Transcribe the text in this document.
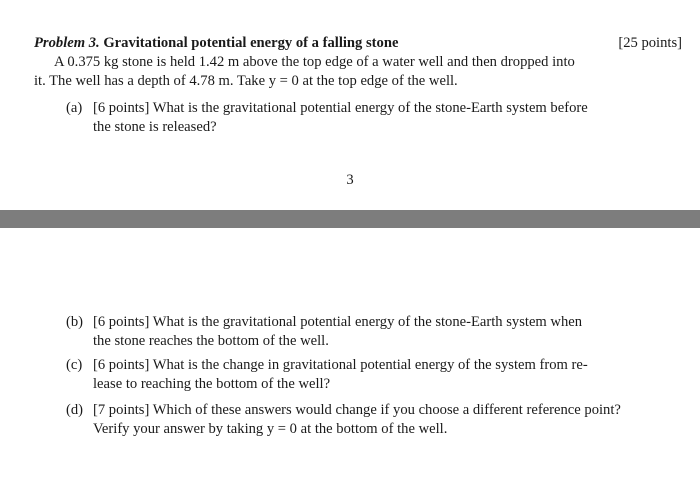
Problem 3. Gravitational potential energy of a falling stone	[25 points]
A 0.375 kg stone is held 1.42 m above the top edge of a water well and then dropped into
it. The well has a depth of 4.78 m. Take y = 0 at the top edge of the well.
(a) [6 points] What is the gravitational potential energy of the stone-Earth system before
the stone is released?
3
(b) [6 points] What is the gravitational potential energy of the stone-Earth system when
the stone reaches the bottom of the well.
(c) [6 points] What is the change in gravitational potential energy of the system from re-
lease to reaching the bottom of the well?
(d) [7 points] Which of these answers would change if you choose a different reference point?
Verify your answer by taking y = 0 at the bottom of the well.
